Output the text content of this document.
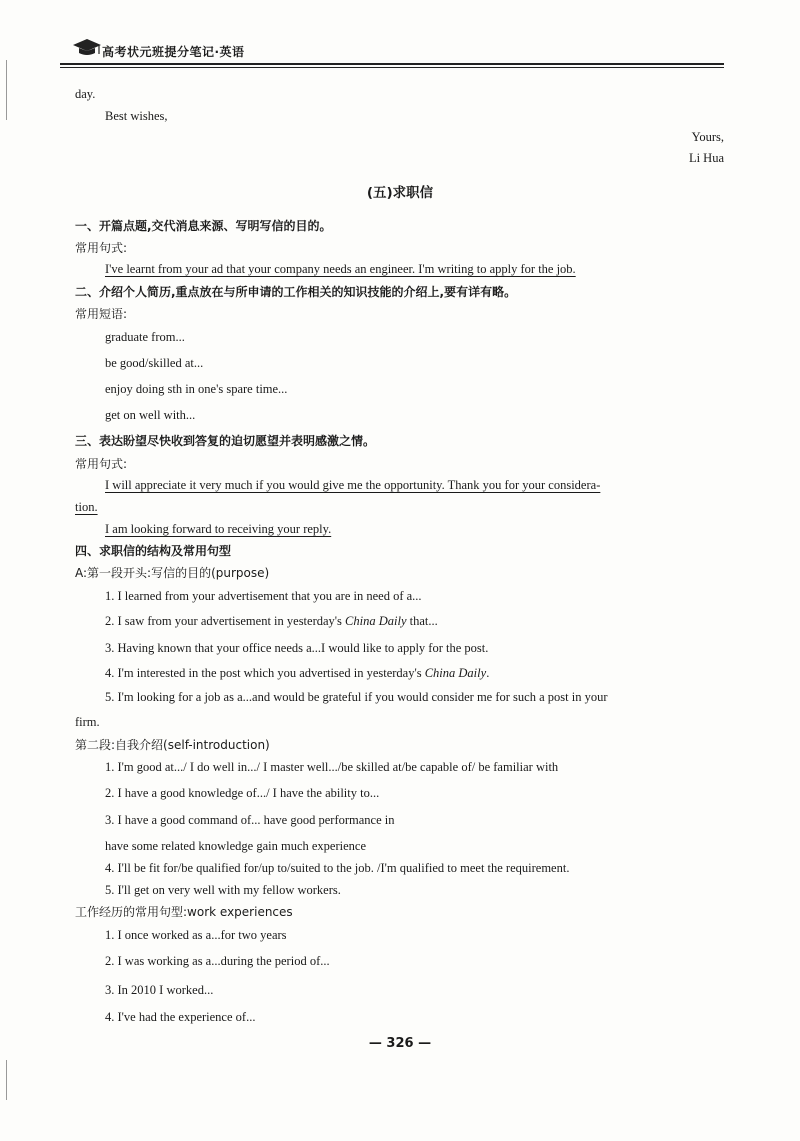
高考状元班提分笔记·英语
day.
Best wishes,
Yours,
Li Hua
(五)求职信
一、开篇点题,交代消息来源、写明写信的目的。
常用句式:
I've learnt from your ad that your company needs an engineer. I'm writing to apply for the job.
二、介绍个人简历,重点放在与所申请的工作相关的知识技能的介绍上,要有详有略。
常用短语:
graduate from...
be good/skilled at...
enjoy doing sth in one's spare time...
get on well with...
三、表达盼望尽快收到答复的迫切愿望并表明感激之情。
常用句式:
I will appreciate it very much if you would give me the opportunity. Thank you for your considera-
tion.
I am looking forward to receiving your reply.
四、求职信的结构及常用句型
A:第一段开头:写信的目的(purpose)
1. I learned from your advertisement that you are in need of a...
2. I saw from your advertisement in yesterday's China Daily that...
3. Having known that your office needs a...I would like to apply for the post.
4. I'm interested in the post which you advertised in yesterday's China Daily.
5. I'm looking for a job as a...and would be grateful if you would consider me for such a post in your
firm.
第二段:自我介绍(self-introduction)
1. I'm good at.../ I do well in.../ I master well.../be skilled at/be capable of/ be familiar with
2. I have a good knowledge of.../ I have the ability to...
3. I have a good command of... have good performance in
have some related knowledge gain much experience
4. I'll be fit for/be qualified for/up to/suited to the job. /I'm qualified to meet the requirement.
5. I'll get on very well with my fellow workers.
工作经历的常用句型:work experiences
1. I once worked as a...for two years
2. I was working as a...during the period of...
3. In 2010 I worked...
4. I've had the experience of...
— 326 —
